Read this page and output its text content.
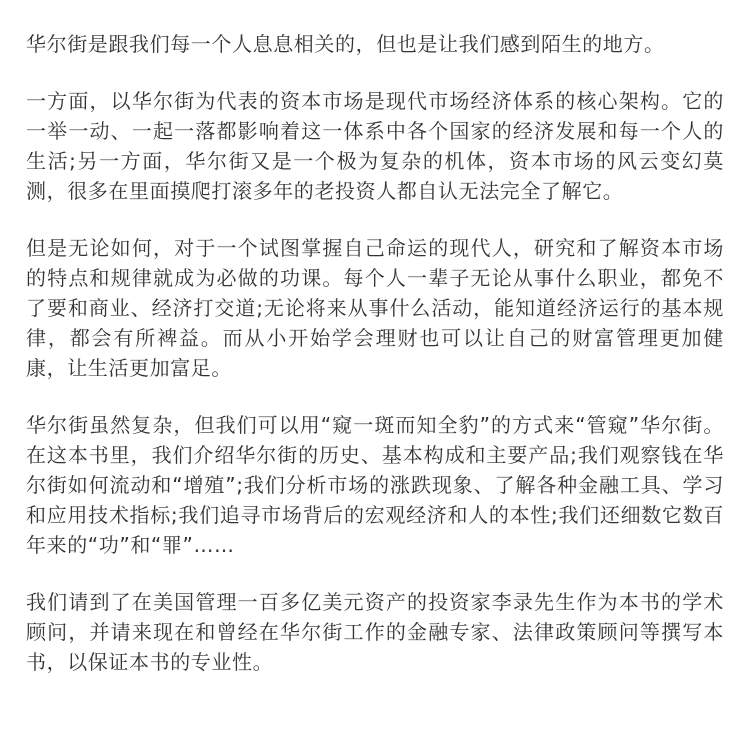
华尔街是跟我们每一个人息息相关的，但也是让我们感到陌生的地方。

一方面，以华尔街为代表的资本市场是现代市场经济体系的核心架构。它的一举一动、一起一落都影响着这一体系中各个国家的经济发展和每一个人的生活;另一方面，华尔街又是一个极为复杂的机体，资本市场的风云变幻莫测，很多在里面摸爬打滚多年的老投资人都自认无法完全了解它。

但是无论如何，对于一个试图掌握自己命运的现代人，研究和了解资本市场的特点和规律就成为必做的功课。每个人一辈子无论从事什么职业，都免不了要和商业、经济打交道;无论将来从事什么活动，能知道经济运行的基本规律，都会有所裨益。而从小开始学会理财也可以让自己的财富管理更加健康，让生活更加富足。

华尔街虽然复杂，但我们可以用“窥一斑而知全豹”的方式来“管窥”华尔街。在这本书里，我们介绍华尔街的历史、基本构成和主要产品;我们观察钱在华尔街如何流动和“增殖”;我们分析市场的涨跌现象、了解各种金融工具、学习和应用技术指标;我们追寻市场背后的宏观经济和人的本性;我们还细数它数百年来的“功”和“罪”……

我们请到了在美国管理一百多亿美元资产的投资家李录先生作为本书的学术顾问，并请来现在和曾经在华尔街工作的金融专家、法律政策顾问等撰写本书，以保证本书的专业性。
